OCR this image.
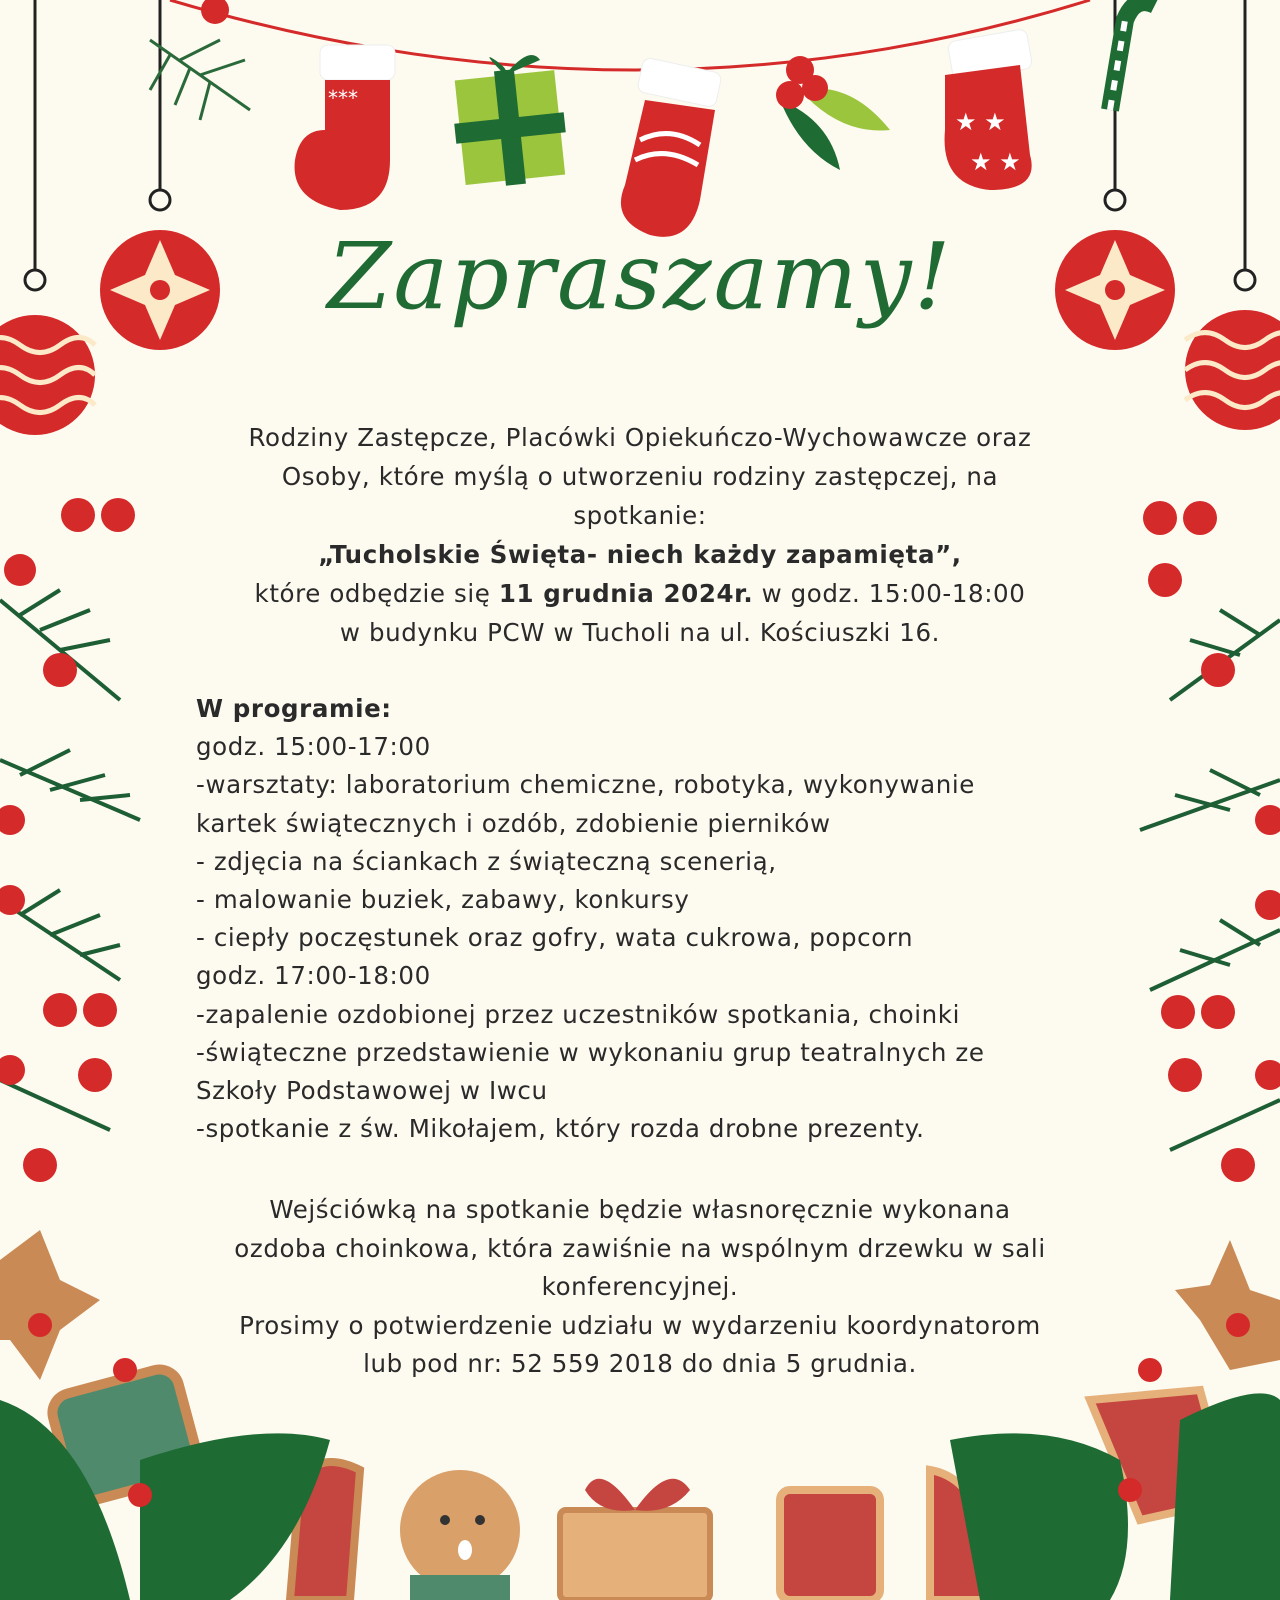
***
★ ★
★ ★
Zapraszamy!
Rodziny Zastępcze, Placówki Opiekuńczo-Wychowawcze oraz
Osoby, które myślą o utworzeniu rodziny zastępczej, na
spotkanie:
„Tucholskie Święta- niech każdy zapamięta”,
które odbędzie się 11 grudnia 2024r. w godz. 15:00-18:00
w budynku PCW w Tucholi na ul. Kościuszki 16.
W programie:
godz. 15:00-17:00
-warsztaty: laboratorium chemiczne, robotyka, wykonywanie
kartek świątecznych i ozdób, zdobienie pierników
- zdjęcia na ściankach z świąteczną scenerią,
- malowanie buziek, zabawy, konkursy
- ciepły poczęstunek oraz gofry, wata cukrowa, popcorn
godz. 17:00-18:00
-zapalenie ozdobionej przez uczestników spotkania, choinki
-świąteczne przedstawienie w wykonaniu grup teatralnych ze
Szkoły Podstawowej w Iwcu
-spotkanie z św. Mikołajem, który rozda drobne prezenty.
Wejściówką na spotkanie będzie własnoręcznie wykonana
ozdoba choinkowa, która zawiśnie na wspólnym drzewku w sali
konferencyjnej.
Prosimy o potwierdzenie udziału w wydarzeniu koordynatorom
lub pod nr: 52 559 2018 do dnia 5 grudnia.
